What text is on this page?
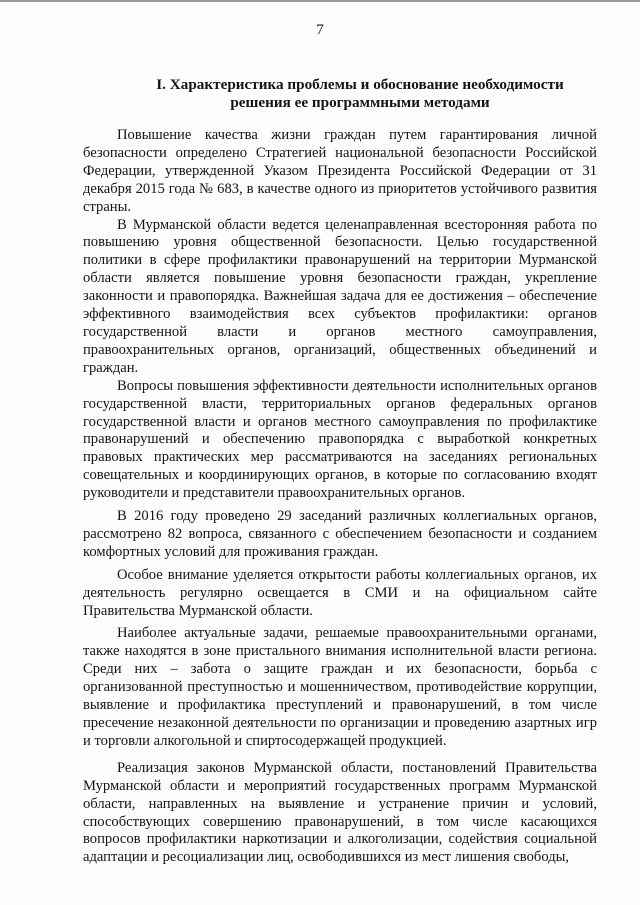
7

I. Характеристика проблемы и обоснование необходимости
решения ее программными методами

Повышение качества жизни граждан путем гарантирования личной безопасности определено Стратегией национальной безопасности Российской Федерации, утвержденной Указом Президента Российской Федерации от 31 декабря 2015 года № 683, в качестве одного из приоритетов устойчивого развития страны.

В Мурманской области ведется целенаправленная всесторонняя работа по повышению уровня общественной безопасности. Целью государственной политики в сфере профилактики правонарушений на территории Мурманской области является повышение уровня безопасности граждан, укрепление законности и правопорядка. Важнейшая задача для ее достижения – обеспечение эффективного взаимодействия всех субъектов профилактики: органов государственной власти и органов местного самоуправления, правоохранительных органов, организаций, общественных объединений и граждан.

Вопросы повышения эффективности деятельности исполнительных органов государственной власти, территориальных органов федеральных органов государственной власти и органов местного самоуправления по профилактике правонарушений и обеспечению правопорядка с выработкой конкретных правовых практических мер рассматриваются на заседаниях региональных совещательных и координирующих органов, в которые по согласованию входят руководители и представители правоохранительных органов.

В 2016 году проведено 29 заседаний различных коллегиальных органов, рассмотрено 82 вопроса, связанного с обеспечением безопасности и созданием комфортных условий для проживания граждан.

Особое внимание уделяется открытости работы коллегиальных органов, их деятельность регулярно освещается в СМИ и на официальном сайте Правительства Мурманской области.

Наиболее актуальные задачи, решаемые правоохранительными органами, также находятся в зоне пристального внимания исполнительной власти региона. Среди них – забота о защите граждан и их безопасности, борьба с организованной преступностью и мошенничеством, противодействие коррупции, выявление и профилактика преступлений и правонарушений, в том числе пресечение незаконной деятельности по организации и проведению азартных игр и торговли алкогольной и спиртосодержащей продукцией.

Реализация законов Мурманской области, постановлений Правительства Мурманской области и мероприятий государственных программ Мурманской области, направленных на выявление и устранение причин и условий, способствующих совершению правонарушений, в том числе касающихся вопросов профилактики наркотизации и алкоголизации, содействия социальной адаптации и ресоциализации лиц, освободившихся из мест лишения свободы,
